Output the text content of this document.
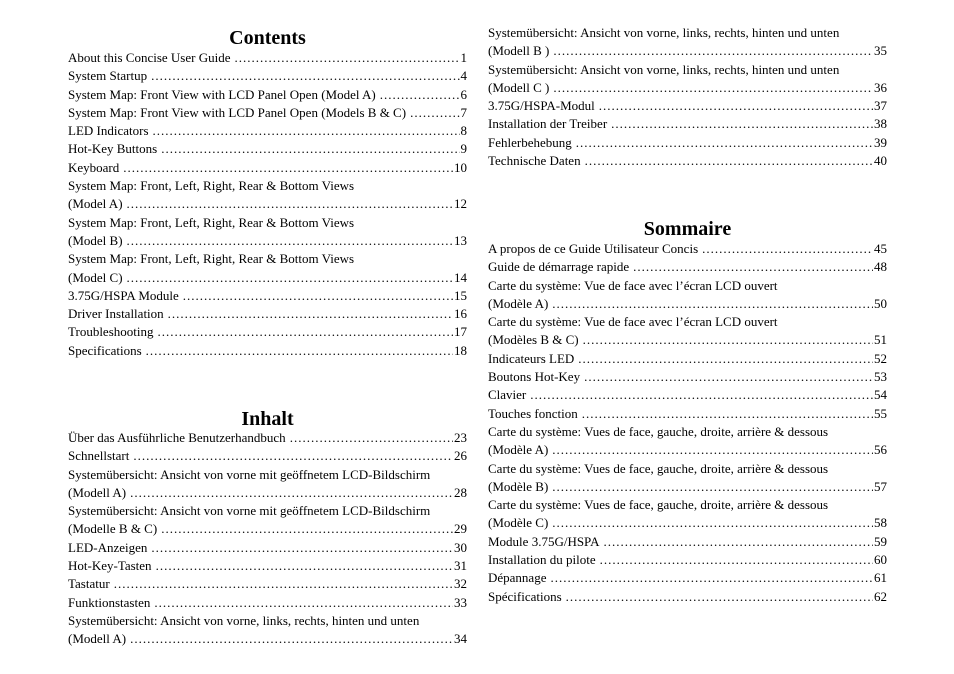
Contents
About this Concise User Guide .....	1
System Startup .....	4
System Map: Front View with LCD Panel Open (Model A) .....	6
System Map: Front View with LCD Panel Open (Models B & C) .....	7
LED Indicators .....	8
Hot-Key Buttons .....	9
Keyboard .....	10
System Map: Front, Left, Right, Rear & Bottom Views
(Model A) .....	12
System Map: Front, Left, Right, Rear & Bottom Views
(Model B) .....	13
System Map: Front, Left, Right, Rear & Bottom Views
(Model C) .....	14
3.75G/HSPA Module .....	15
Driver Installation .....	16
Troubleshooting .....	17
Specifications .....	18
Inhalt
Über das Ausführliche Benutzerhandbuch .....	23
Schnellstart .....	26
Systemübersicht: Ansicht von vorne mit geöffnetem LCD-Bildschirm
(Modell A) .....	28
Systemübersicht: Ansicht von vorne mit geöffnetem LCD-Bildschirm
(Modelle B & C) .....	29
LED-Anzeigen .....	30
Hot-Key-Tasten .....	31
Tastatur .....	32
Funktionstasten .....	33
Systemübersicht: Ansicht von vorne, links, rechts, hinten und unten
(Modell A) .....	34
Systemübersicht: Ansicht von vorne, links, rechts, hinten und unten
(Modell B ) .....	35
Systemübersicht: Ansicht von vorne, links, rechts, hinten und unten
(Modell C ) .....	36
3.75G/HSPA-Modul .....	37
Installation der Treiber .....	38
Fehlerbehebung .....	39
Technische Daten .....	40
Sommaire
A propos de ce Guide Utilisateur Concis .....	45
Guide de démarrage rapide .....	48
Carte du système: Vue de face avec l’écran LCD ouvert
(Modèle A) .....	50
Carte du système: Vue de face avec l’écran LCD ouvert
(Modèles B & C) .....	51
Indicateurs LED .....	52
Boutons Hot-Key .....	53
Clavier .....	54
Touches fonction .....	55
Carte du système: Vues de face, gauche, droite, arrière & dessous
(Modèle A) .....	56
Carte du système: Vues de face, gauche, droite, arrière & dessous
(Modèle B) .....	57
Carte du système: Vues de face, gauche, droite, arrière & dessous
(Modèle C) .....	58
Module 3.75G/HSPA .....	59
Installation du pilote .....	60
Dépannage .....	61
Spécifications .....	62
